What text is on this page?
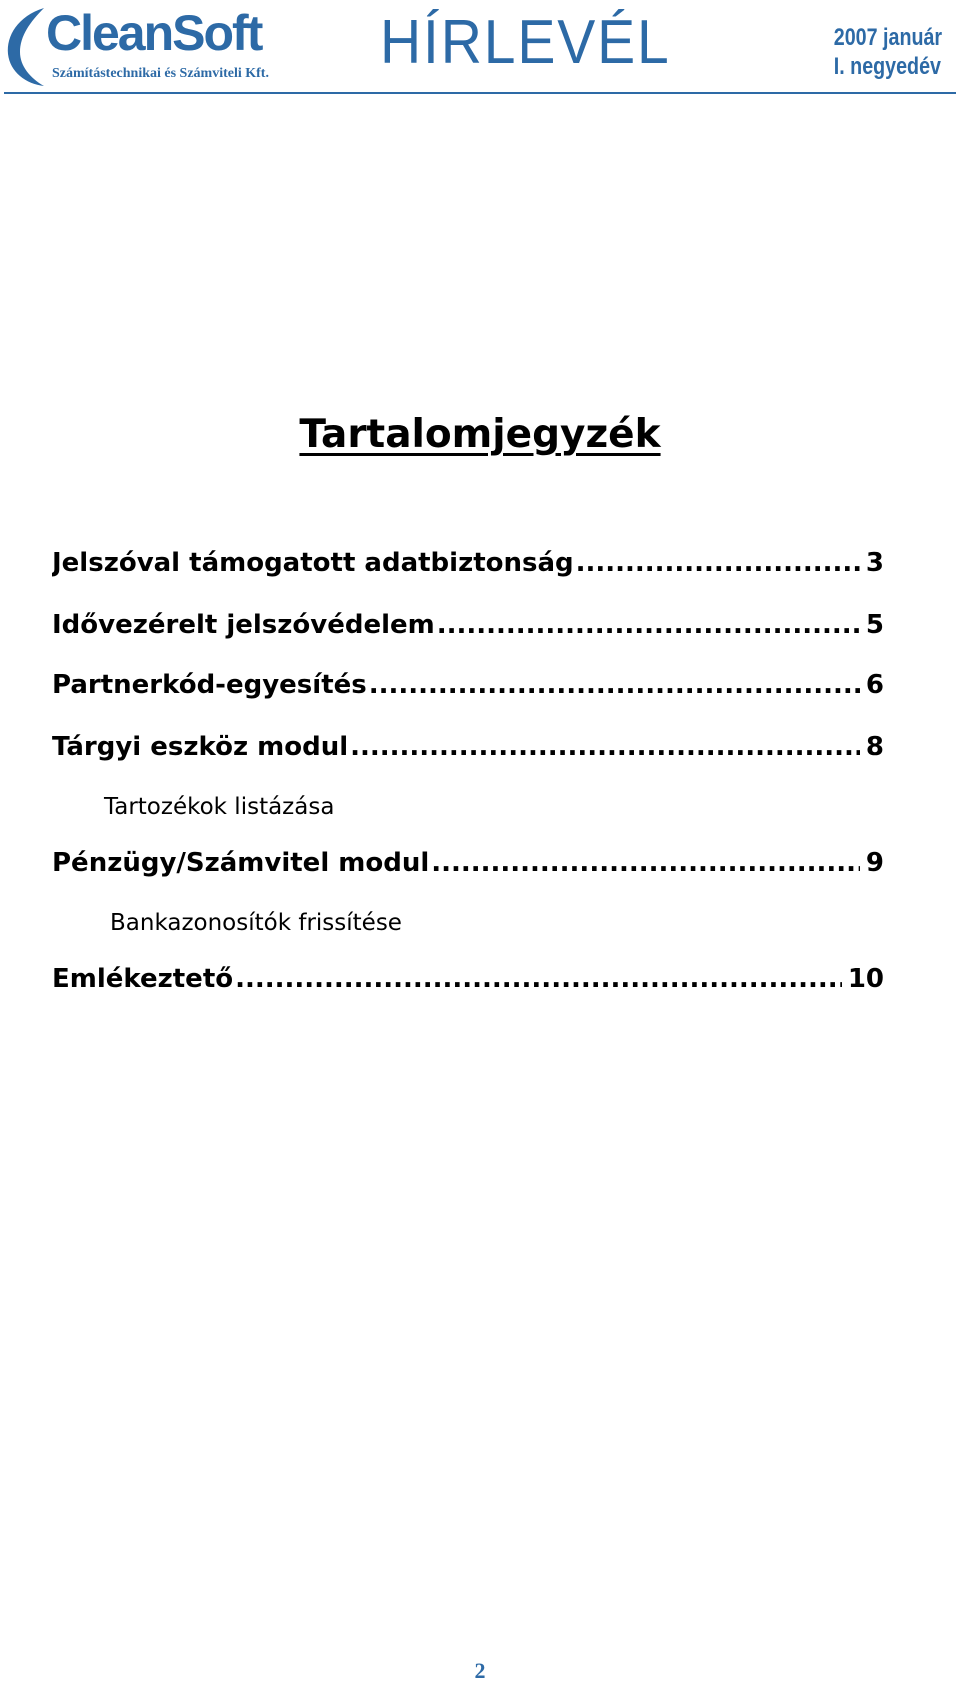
CleanSoft
Számítástechnikai és Számviteli Kft. HÍRLEVÉL	2007 január
I. negyedév
Tartalomjegyzék
Jelszóval támogatott adatbiztonság .....	3
Idővezérelt jelszóvédelem .....	5
Partnerkód-egyesítés .....	6
Tárgyi eszköz modul .....	8
Tartozékok listázása
Pénzügy/Számvitel modul .....	9
Bankazonosítók frissítése
Emlékeztető .....	10
2
